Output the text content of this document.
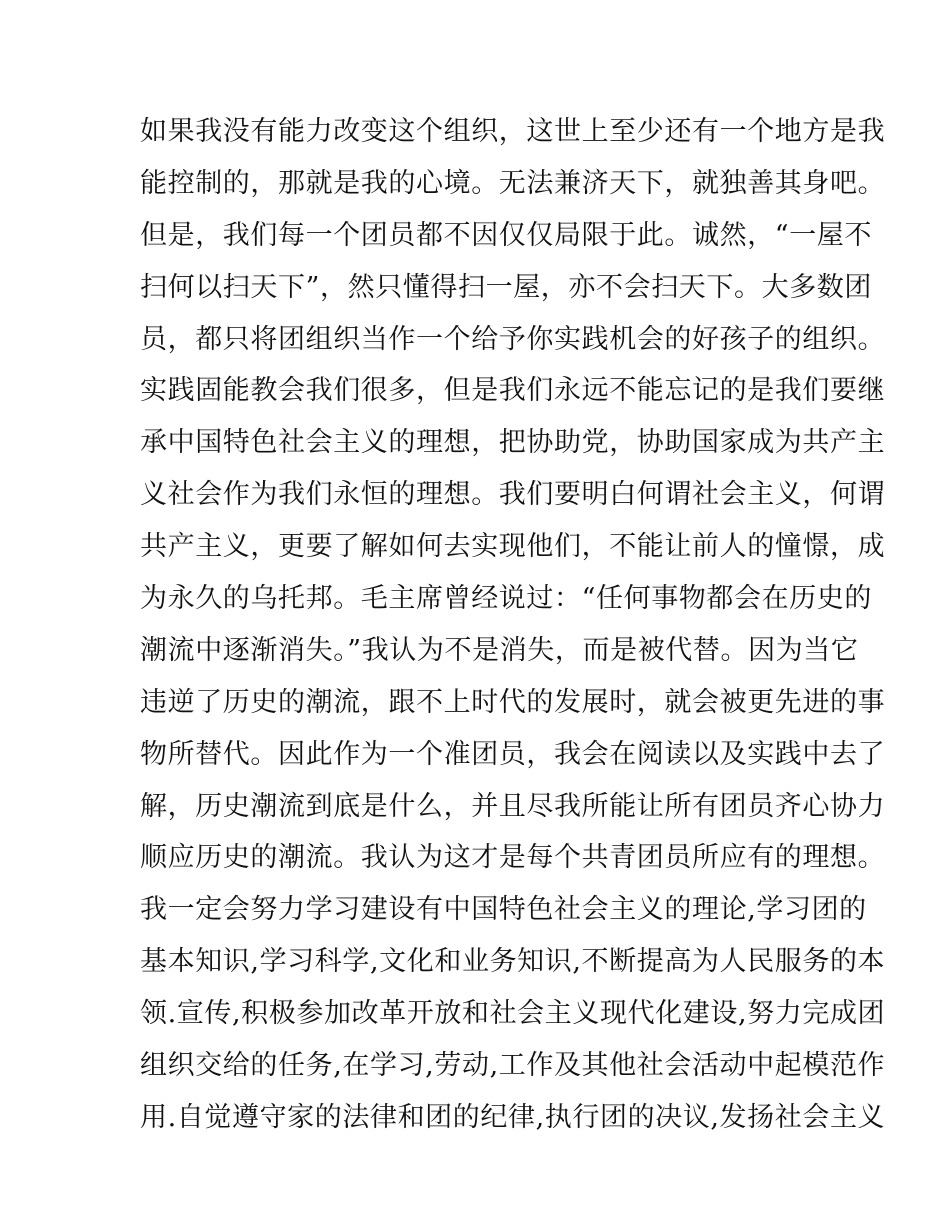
如果我没有能力改变这个组织，这世上至少还有一个地方是我
能控制的，那就是我的心境。无法兼济天下，就独善其身吧。
但是，我们每一个团员都不因仅仅局限于此。诚然，“一屋不
扫何以扫天下”，然只懂得扫一屋，亦不会扫天下。大多数团
员，都只将团组织当作一个给予你实践机会的好孩子的组织。
实践固能教会我们很多，但是我们永远不能忘记的是我们要继
承中国特色社会主义的理想，把协助党，协助国家成为共产主
义社会作为我们永恒的理想。我们要明白何谓社会主义，何谓
共产主义，更要了解如何去实现他们，不能让前人的憧憬，成
为永久的乌托邦。毛主席曾经说过：“任何事物都会在历史的
潮流中逐渐消失。”我认为不是消失，而是被代替。因为当它
违逆了历史的潮流，跟不上时代的发展时，就会被更先进的事
物所替代。因此作为一个准团员，我会在阅读以及实践中去了
解，历史潮流到底是什么，并且尽我所能让所有团员齐心协力
顺应历史的潮流。我认为这才是每个共青团员所应有的理想。
我一定会努力学习建设有中国特色社会主义的理论,学习团的
基本知识,学习科学,文化和业务知识,不断提高为人民服务的本
领.宣传,积极参加改革开放和社会主义现代化建设,努力完成团
组织交给的任务,在学习,劳动,工作及其他社会活动中起模范作
用.自觉遵守家的法律和团的纪律,执行团的决议,发扬社会主义
